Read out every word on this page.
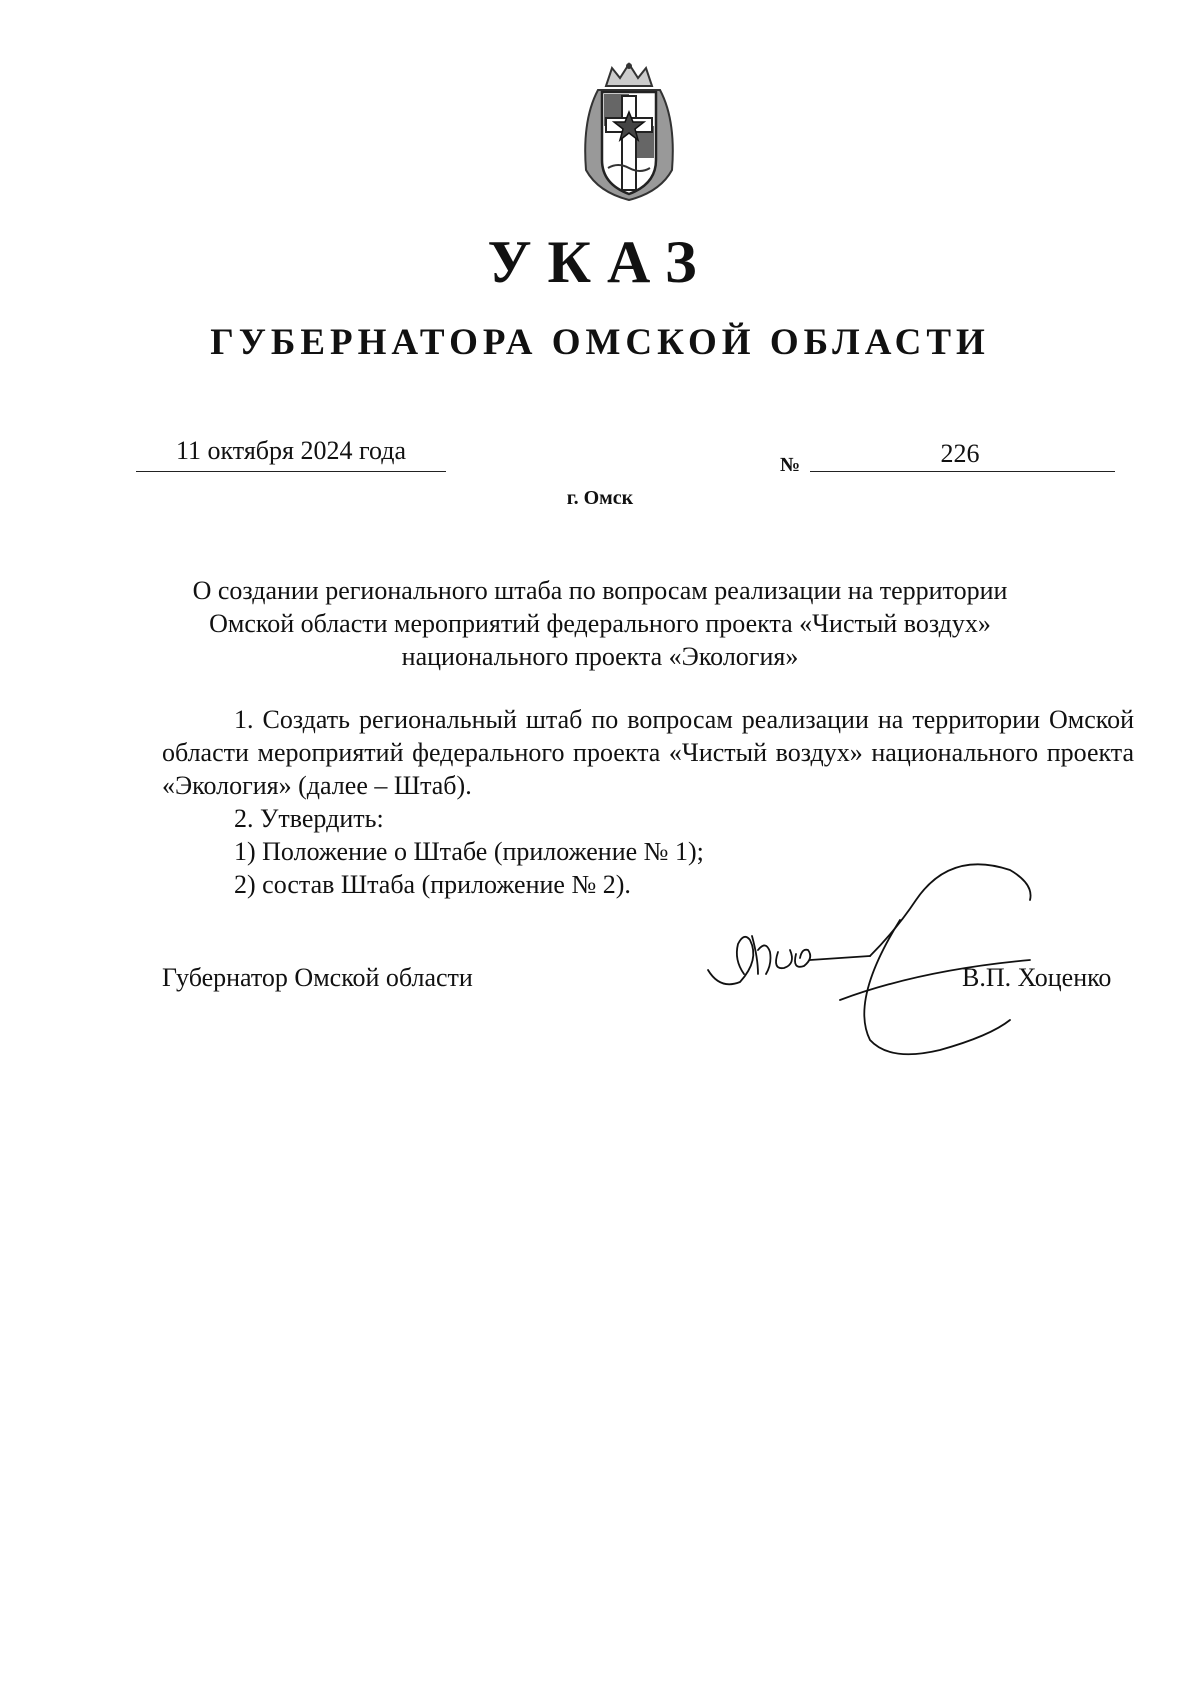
УКАЗ
ГУБЕРНАТОРА ОМСКОЙ ОБЛАСТИ
11 октября 2024 года	№	226
г. Омск
О создании регионального штаба по вопросам реализации на территории
Омской области мероприятий федерального проекта «Чистый воздух»
национального проекта «Экология»

1. Создать региональный штаб по вопросам реализации на территории Омской области мероприятий федерального проекта «Чистый воздух» национального проекта «Экология» (далее – Штаб).

2. Утвердить:

1) Положение о Штабе (приложение № 1);

2) состав Штаба (приложение № 2).

Губернатор Омской области	В.П. Хоценко
